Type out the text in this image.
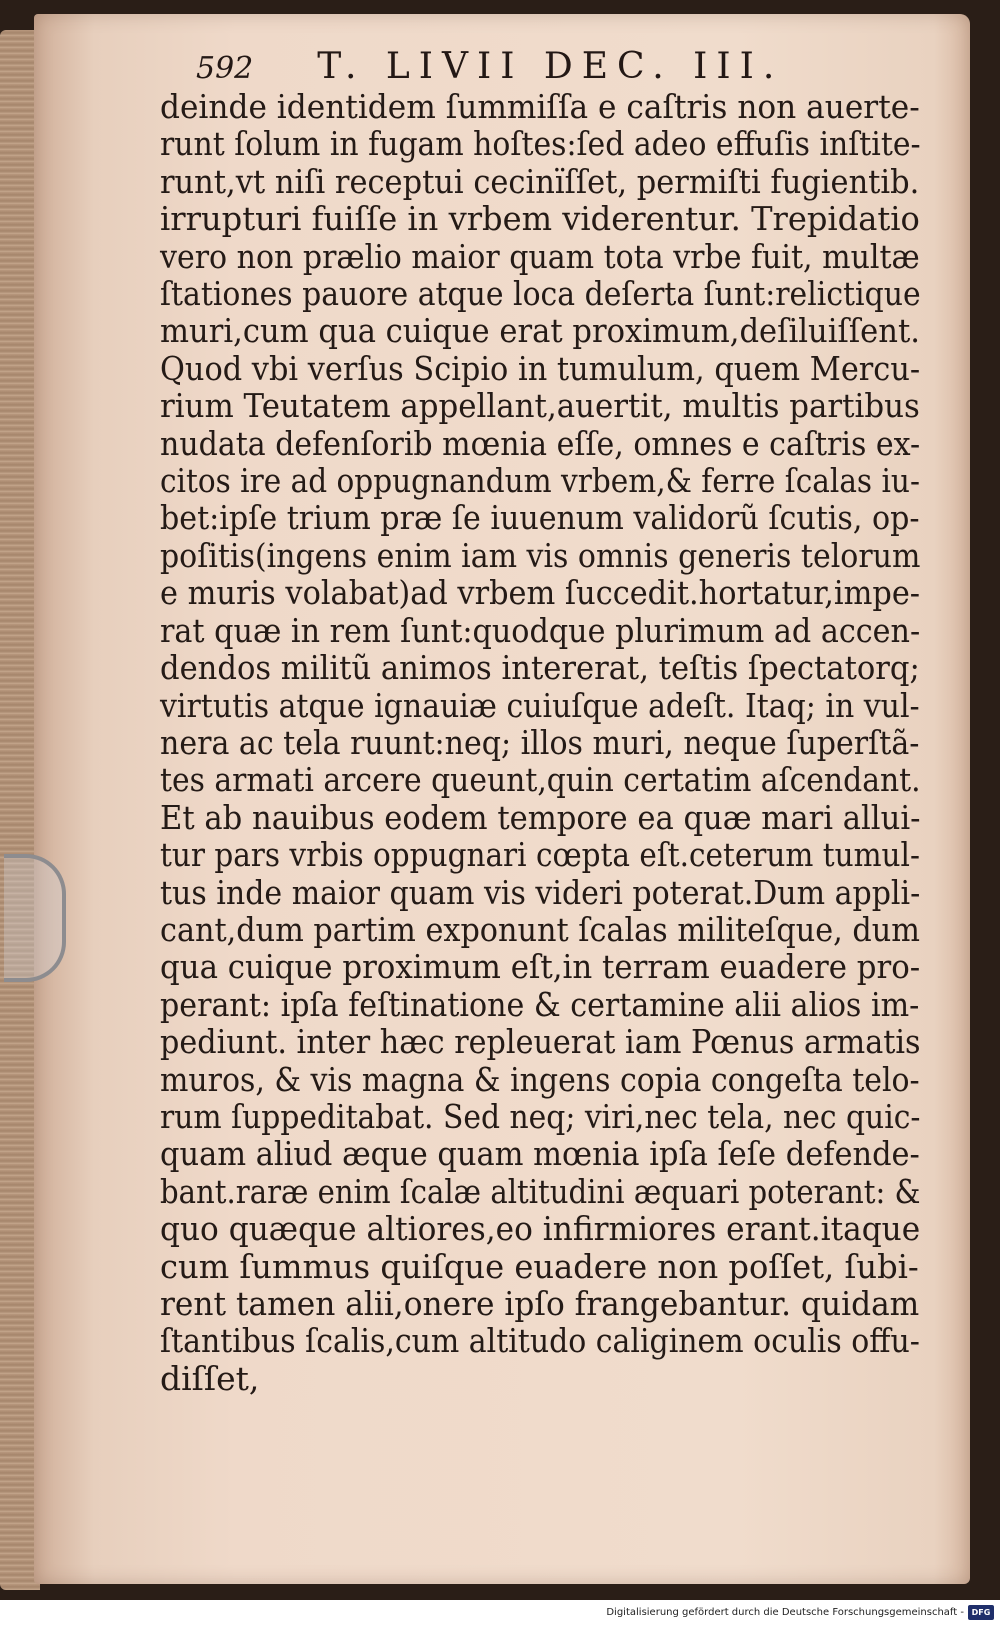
592 T. LIVII DEC. III.
deinde identidem ſummiſſa e caſtris non auerte-
runt ſolum in fugam hoſtes:ſed adeo effuſis inſtite-
runt,vt niſi receptui cecinïſſet, permiſti fugientib.
irrupturi fuiſſe in vrbem viderentur. Trepidatio
vero non prælio maior quam tota vrbe fuit, multæ
ſtationes pauore atque loca deſerta ſunt:relictique
muri,cum qua cuique erat proximum,deſiluiſſent.
Quod vbi verſus Scipio in tumulum, quem Mercu-
rium Teutatem appellant,auertit, multis partibus
nudata defenſorib mœnia eſſe, omnes e caſtris ex-
citos ire ad oppugnandum vrbem,& ferre ſcalas iu-
bet:ipſe trium præ ſe iuuenum validorũ ſcutis, op-
poſitis(ingens enim iam vis omnis generis telorum
e muris volabat)ad vrbem ſuccedit.hortatur,impe-
rat quæ in rem ſunt:quodque plurimum ad accen-
dendos militũ animos intererat, teſtis ſpectatorq;
virtutis atque ignauiæ cuiuſque adeſt. Itaq; in vul-
nera ac tela ruunt:neq; illos muri, neque ſuperſtã-
tes armati arcere queunt,quin certatim aſcendant.
Et ab nauibus eodem tempore ea quæ mari allui-
tur pars vrbis oppugnari cœpta eſt.ceterum tumul-
tus inde maior quam vis videri poterat.Dum appli-
cant,dum partim exponunt ſcalas militeſque, dum
qua cuique proximum eſt,in terram euadere pro-
perant: ipſa feſtinatione & certamine alii alios im-
pediunt. inter hæc repleuerat iam Pœnus armatis
muros, & vis magna & ingens copia congeſta telo-
rum ſuppeditabat. Sed neq; viri,nec tela, nec quic-
quam aliud æque quam mœnia ipſa ſeſe defende-
bant.raræ enim ſcalæ altitudini æquari poterant: &
quo quæque altiores,eo infirmiores erant.itaque
cum ſummus quiſque euadere non poſſet, ſubi-
rent tamen alii,onere ipſo frangebantur. quidam
ſtantibus ſcalis,cum altitudo caliginem oculis offu-
diſſet,
Digitalisierung gefördert durch die Deutsche Forschungsgemeinschaft - DFG
